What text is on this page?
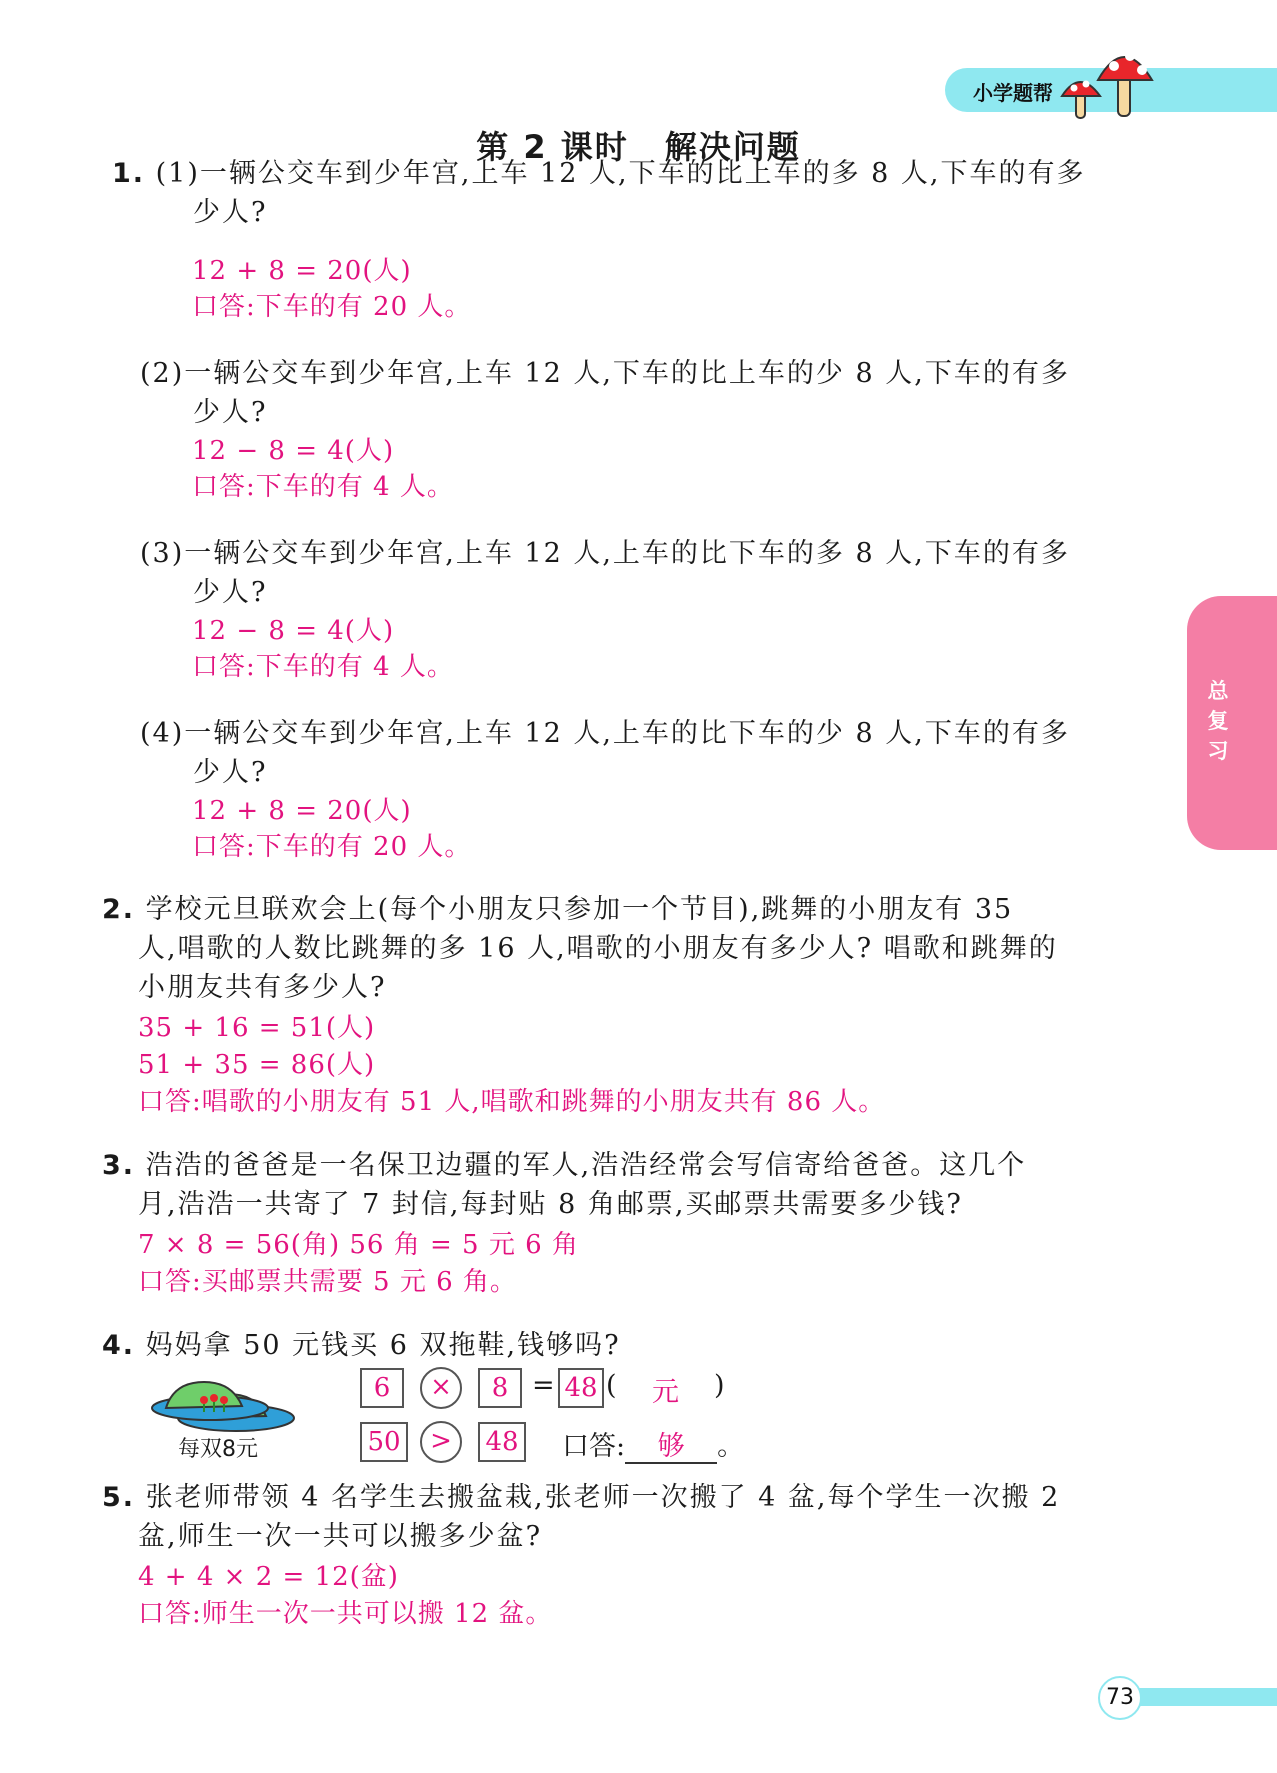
小学题帮
第 2 课时 解决问题
1. (1)一辆公交车到少年宫,上车 12 人,下车的比上车的多 8 人,下车的有多
少人?
12 + 8 = 20(人)
口答:下车的有 20 人。
(2)一辆公交车到少年宫,上车 12 人,下车的比上车的少 8 人,下车的有多
少人?
12 − 8 = 4(人)
口答:下车的有 4 人。
(3)一辆公交车到少年宫,上车 12 人,上车的比下车的多 8 人,下车的有多
少人?
12 − 8 = 4(人)
口答:下车的有 4 人。
(4)一辆公交车到少年宫,上车 12 人,上车的比下车的少 8 人,下车的有多
少人?
12 + 8 = 20(人)
口答:下车的有 20 人。
2. 学校元旦联欢会上(每个小朋友只参加一个节目),跳舞的小朋友有 35
人,唱歌的人数比跳舞的多 16 人,唱歌的小朋友有多少人? 唱歌和跳舞的
小朋友共有多少人?
35 + 16 = 51(人)
51 + 35 = 86(人)
口答:唱歌的小朋友有 51 人,唱歌和跳舞的小朋友共有 86 人。
3. 浩浩的爸爸是一名保卫边疆的军人,浩浩经常会写信寄给爸爸。这几个
月,浩浩一共寄了 7 封信,每封贴 8 角邮票,买邮票共需要多少钱?
7 × 8 = 56(角) 56 角 = 5 元 6 角
口答:买邮票共需要 5 元 6 角。
4. 妈妈拿 50 元钱买 6 双拖鞋,钱够吗?
每双8元
6	×	8 = 48 ( 元 )
50	>	48 口答: 够 。
5. 张老师带领 4 名学生去搬盆栽,张老师一次搬了 4 盆,每个学生一次搬 2
盆,师生一次一共可以搬多少盆?
4 + 4 × 2 = 12(盆)
口答:师生一次一共可以搬 12 盆。
总
复
习
73
